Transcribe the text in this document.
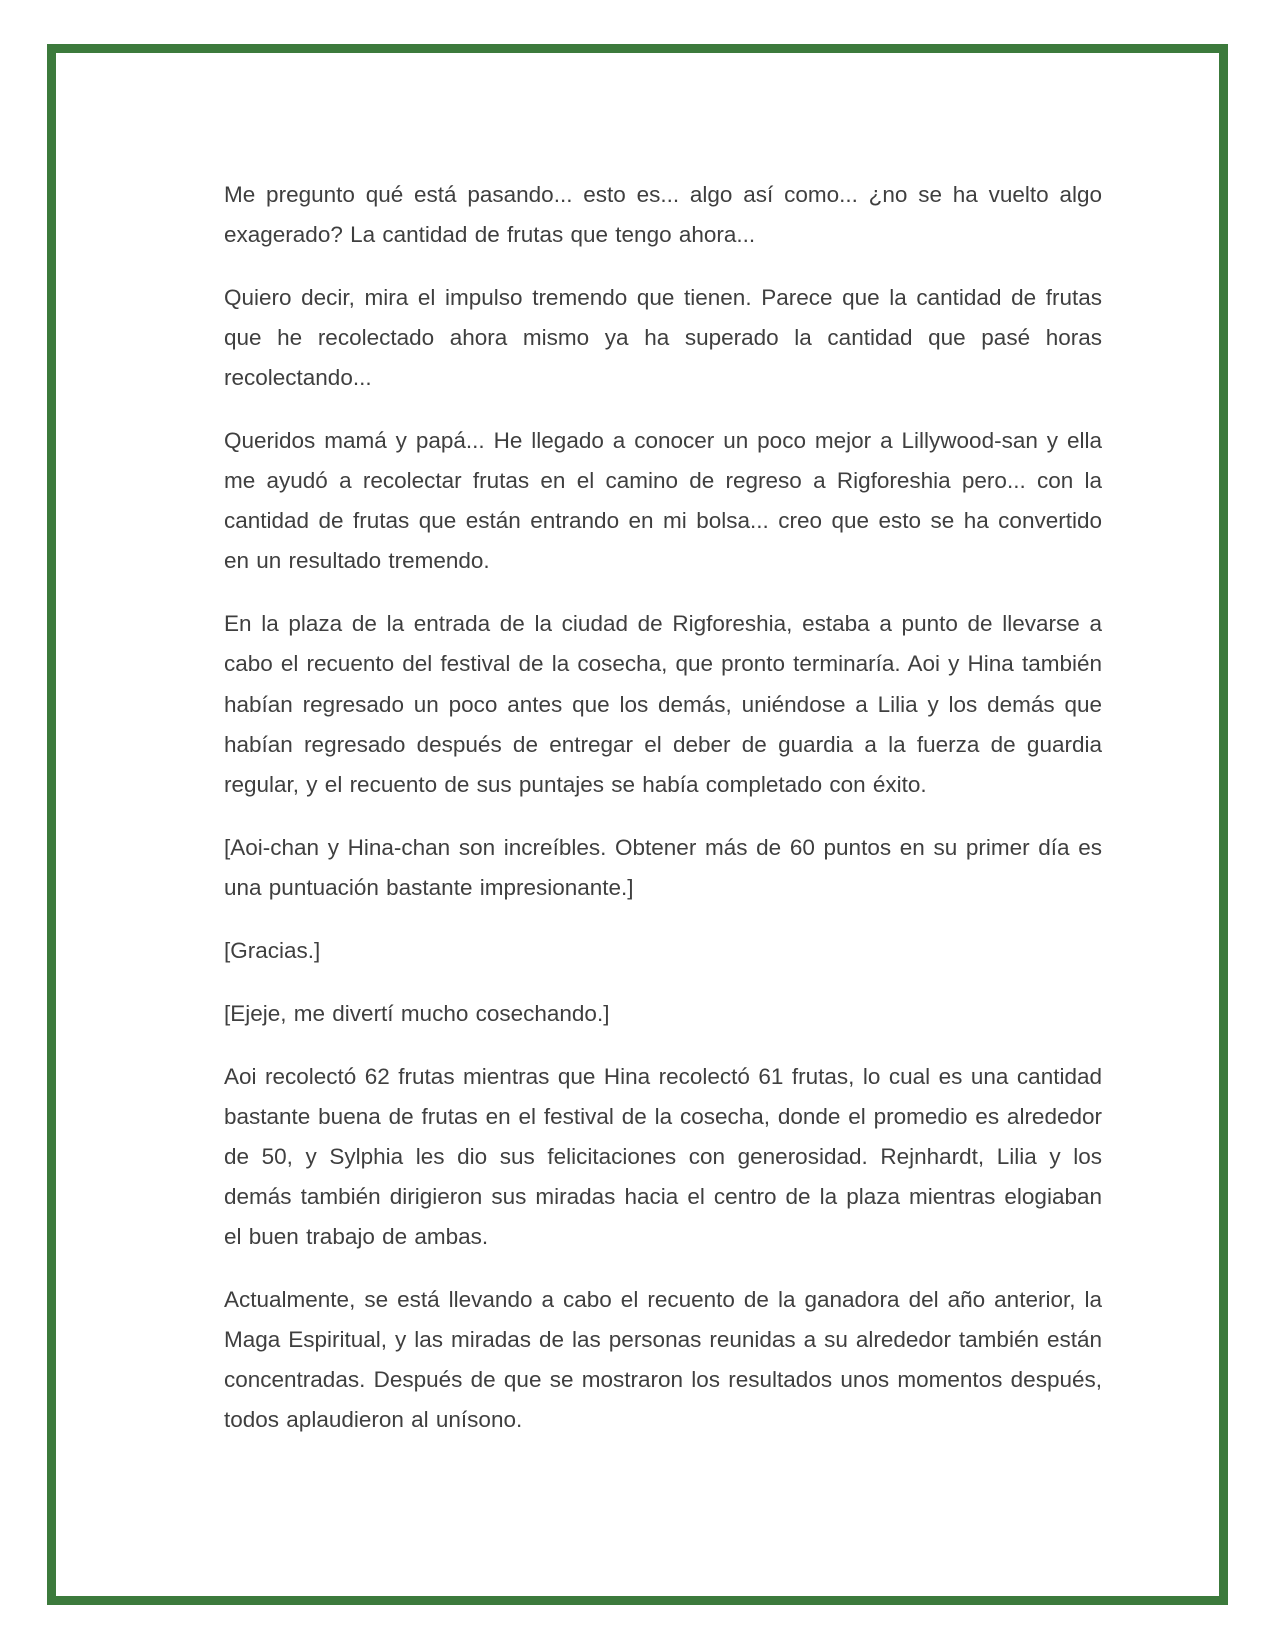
Me pregunto qué está pasando... esto es... algo así como... ¿no se ha vuelto algo exagerado? La cantidad de frutas que tengo ahora...

Quiero decir, mira el impulso tremendo que tienen. Parece que la cantidad de frutas que he recolectado ahora mismo ya ha superado la cantidad que pasé horas recolectando...

Queridos mamá y papá... He llegado a conocer un poco mejor a Lillywood-san y ella me ayudó a recolectar frutas en el camino de regreso a Rigforeshia pero... con la cantidad de frutas que están entrando en mi bolsa... creo que esto se ha convertido en un resultado tremendo.

En la plaza de la entrada de la ciudad de Rigforeshia, estaba a punto de llevarse a cabo el recuento del festival de la cosecha, que pronto terminaría. Aoi y Hina también habían regresado un poco antes que los demás, uniéndose a Lilia y los demás que habían regresado después de entregar el deber de guardia a la fuerza de guardia regular, y el recuento de sus puntajes se había completado con éxito.

[Aoi-chan y Hina-chan son increíbles. Obtener más de 60 puntos en su primer día es una puntuación bastante impresionante.]

[Gracias.]

[Ejeje, me divertí mucho cosechando.]

Aoi recolectó 62 frutas mientras que Hina recolectó 61 frutas, lo cual es una cantidad bastante buena de frutas en el festival de la cosecha, donde el promedio es alrededor de 50, y Sylphia les dio sus felicitaciones con generosidad. Rejnhardt, Lilia y los demás también dirigieron sus miradas hacia el centro de la plaza mientras elogiaban el buen trabajo de ambas.

Actualmente, se está llevando a cabo el recuento de la ganadora del año anterior, la Maga Espiritual, y las miradas de las personas reunidas a su alrededor también están concentradas. Después de que se mostraron los resultados unos momentos después, todos aplaudieron al unísono.
